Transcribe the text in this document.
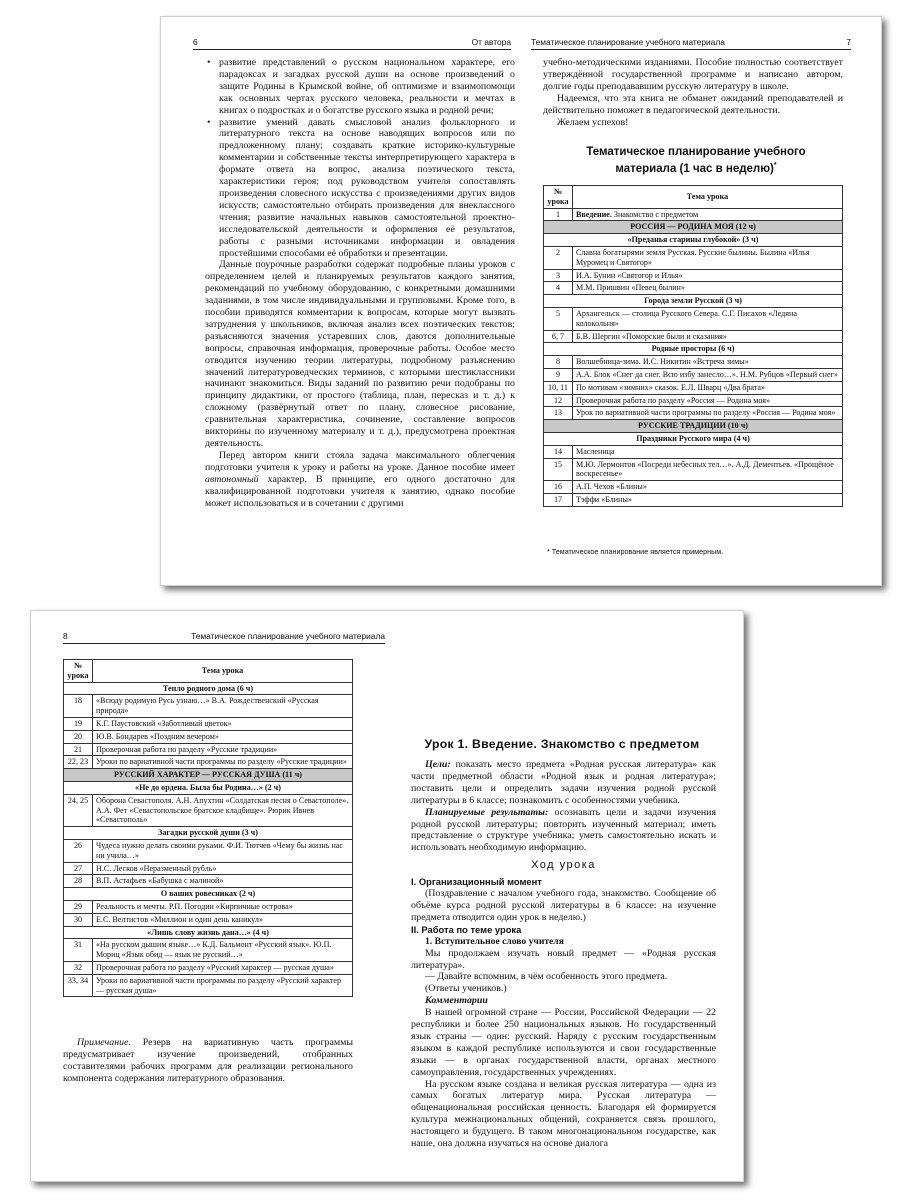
6	От автора
• развитие представлений о русском национальном характере, его парадоксах и загадках русской души на основе произведений о защите Родины в Крымской войне, об оптимизме и взаимопомощи как основных чертах русского человека, реальности и мечтах в книгах о подростках и о богатстве русского языка и родной речи;
• развитие умений давать смысловой анализ фольклорного и литературного текста на основе наводящих вопросов или по предложенному плану; создавать краткие историко-культурные комментарии и собственные тексты интерпретирующего характера в формате ответа на вопрос, анализа поэтического текста, характеристики героя; под руководством учителя сопоставлять произведения словесного искусства с произведениями других видов искусств; самостоятельно отбирать произведения для внеклассного чтения; развитие начальных навыков самостоятельной проектно-исследовательской деятельности и оформления её результатов, работы с разными источниками информации и овладения простейшими способами её обработки и презентации.

Данные поурочные разработки содержат подробные планы уроков с определением целей и планируемых результатов каждого занятия, рекомендаций по учебному оборудованию, с конкретными домашними заданиями, в том числе индивидуальными и групповыми. Кроме того, в пособии приводятся комментарии к вопросам, которые могут вызвать затруднения у школьников, включая анализ всех поэтических текстов; разъясняются значения устаревших слов, даются дополнительные вопросы, справочная информация, проверочные работы. Особое место отводится изучению теории литературы, подробному разъяснению значений литературоведческих терминов, с которыми шестиклассники начинают знакомиться. Виды заданий по развитию речи подобраны по принципу дидактики, от простого (таблица, план, пересказ и т. д.) к сложному (развёрнутый ответ по плану, словесное рисование, сравнительная характеристика, сочинение, составление вопросов викторины по изученному материалу и т. д.), предусмотрена проектная деятельность.

Перед автором книги стояла задача максимального облегчения подготовки учителя к уроку и работы на уроке. Данное пособие имеет автономный характер. В принципе, его одного достаточно для квалифицированной подготовки учителя к занятию, однако пособие может использоваться и в сочетании с другими

Тематическое планирование учебного материала	7

учебно-методическими изданиями. Пособие полностью соответствует утверждённой государственной программе и написано автором, долгие годы преподававшим русскую литературу в школе.

Надеемся, что эта книга не обманет ожиданий преподавателей и действительно поможет в педагогической деятельности.

Желаем успехов!

Тематическое планирование учебного материала (1 час в неделю)*
№ урока	Тема урока
1	Введение. Знакомство с предметом
РОССИЯ — РОДИНА МОЯ (12 ч)	
«Преданья старины глубокой» (3 ч)	
2	Славна богатырями земля Русская. Русские былины. Былина «Илья Муромец и Святогор»
3	И.А. Бунин «Святогор и Илья»
4	М.М. Пришвин «Певец былин»
Города земли Русской (3 ч)	
5	Архангельск — столица Русского Севера. С.Г. Писахов «Ледяна колокольня»
6, 7	Б.В. Шергин «Поморские были и сказания»
Родные просторы (6 ч)	
8	Волшебница-зима. И.С. Никитин «Встреча зимы»
9	А.А. Блок «Снег да снег. Всю избу занесло…». Н.М. Рубцов «Первый снег»
10, 11	По мотивам «зимних» сказок. Е.Л. Шварц «Два брата»
12	Проверочная работа по разделу «Россия — Родина моя»
13	Урок по вариативной части программы по разделу «Россия — Родина моя»
РУССКИЕ ТРАДИЦИИ (10 ч)	
Праздники Русского мира (4 ч)	
14	Масленица
15	М.Ю. Лермонтов «Посреди небесных тел…». А.Д. Дементьев. «Прощёное воскресенье»
16	А.П. Чехов «Блины»
17	Тэффи «Блины»
* Тематическое планирование является примерным.
8	Тематическое планирование учебного материала
№ урока	Тема урока
Тепло родного дома (6 ч)	
18	«Всюду родимую Русь узнаю…» В.А. Рождественский «Русская природа»
19	К.Г. Паустовский «Заботливый цветок»
20	Ю.В. Бондарев «Поздним вечером»
21	Проверочная работа по разделу «Русские традиции»
22, 23	Уроки по вариативной части программы по разделу «Русские традиции»
РУССКИЙ ХАРАКТЕР — РУССКАЯ ДУША (11 ч)	
«Не до ордена. Была бы Родина…» (2 ч)	
24, 25	Оборона Севастополя. А.Н. Апухтин «Солдатская песня о Севастополе». А.А. Фет «Севастопольское братское кладбище». Рюрик Ивнев «Севастополь»
Загадки русской души (3 ч)	
26	Чудеса нужно делать своими руками. Ф.И. Тютчев «Чему бы жизнь нас ни учила…»
27	Н.С. Лесков «Неразменный рубль»
28	В.П. Астафьев «Бабушка с малиной»
О ваших ровесниках (2 ч)	
29	Реальность и мечты. Р.П. Погодин «Кирпичные острова»
30	Е.С. Велтистов «Миллион и один день каникул»
«Лишь слову жизнь дана…» (4 ч)	
31	«На русском дышим языке…» К.Д. Бальмонт «Русский язык». Ю.П. Мориц «Язык обид — язык не русский…»
32	Проверочная работа по разделу «Русский характер — русская душа»
33, 34	Уроки по вариативной части программы по разделу «Русский характер — русская душа»

Примечание. Резерв на вариативную часть программы предусматривает изучение произведений, отобранных составителями рабочих программ для реализации регионального компонента содержания литературного образования.

Урок 1. Введение. Знакомство с предметом

Цели: показать место предмета «Родная русская литература» как части предметной области «Родной язык и родная литература»; поставить цели и определить задачи изучения родной русской литературы в 6 классе; познакомить с особенностями учебника.

Планируемые результаты: осознавать цели и задачи изучения родной русской литературы; повторить изученный материал; иметь представление о структуре учебника; уметь самостоятельно искать и использовать необходимую информацию.

Ход урока
I. Организационный момент

(Поздравление с началом учебного года, знакомство. Сообщение об объёме курса родной русской литературы в 6 классе: на изучение предмета отводится один урок в неделю.)

II. Работа по теме урока
1. Вступительное слово учителя

Мы продолжаем изучать новый предмет — «Родная русская литература».

— Давайте вспомним, в чём особенность этого предмета.

(Ответы учеников.)

Комментарии

В нашей огромной стране — России, Российской Федерации — 22 республики и более 250 национальных языков. Но государственный язык страны — один: русский. Наряду с русским государственным языком в каждой республике используются и свои государственные языки — в органах государственной власти, органах местного самоуправления, государственных учреждениях.

На русском языке создана и великая русская литература — одна из самых богатых литератур мира. Русская литература — общенациональная российская ценность. Благодаря ей формируется культура межнациональных общений, сохраняется связь прошлого, настоящего и будущего. В таком многонациональном государстве, как наше, она должна изучаться на основе диалога
